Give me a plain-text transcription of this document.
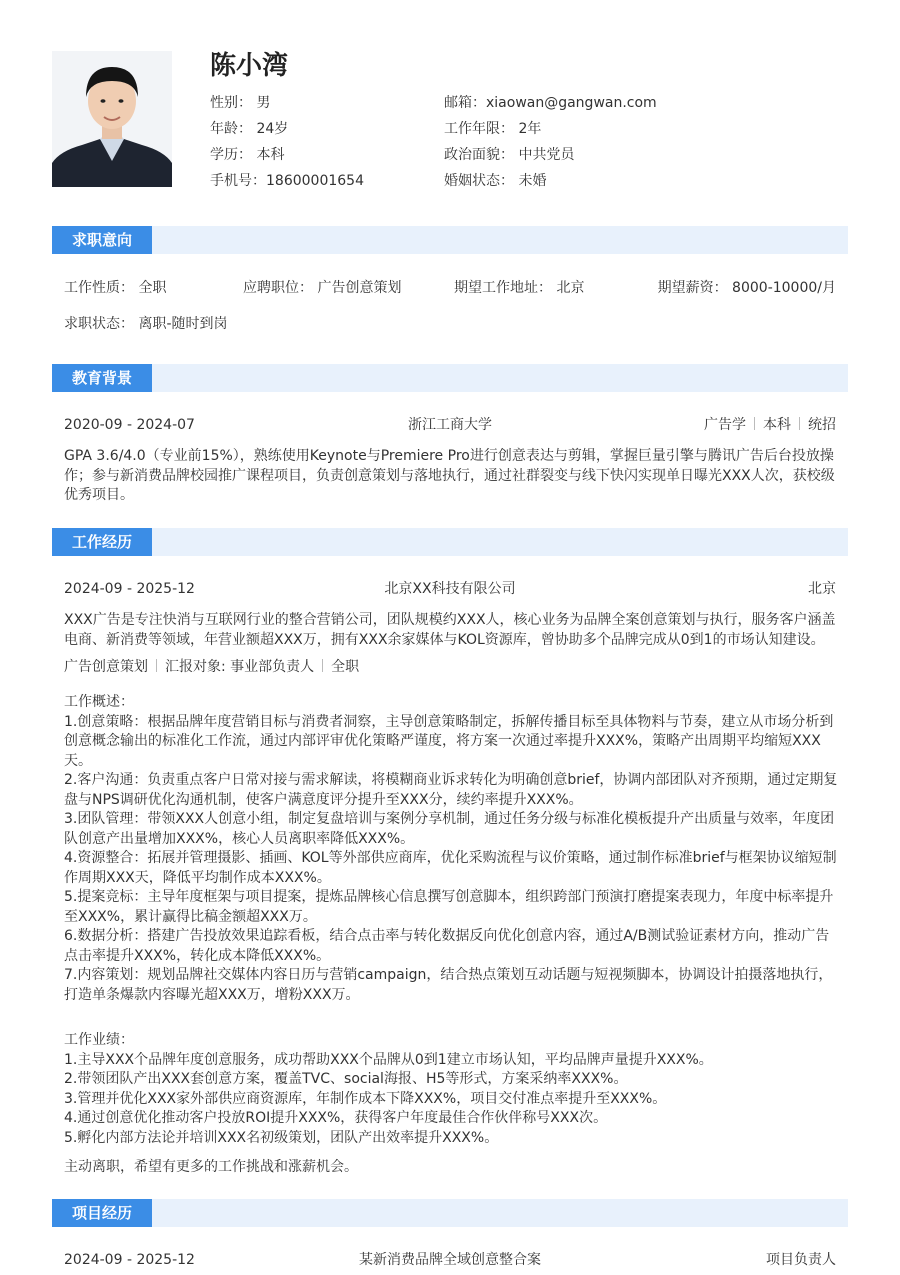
陈小湾
性别： 男
年龄： 24岁
学历： 本科
手机号：18600001654
邮箱：xiaowan@gangwan.com
工作年限： 2年
政治面貌： 中共党员
婚姻状态： 未婚
求职意向
工作性质： 全职	应聘职位： 广告创意策划	期望工作地址： 北京	期望薪资： 8000-10000/月
求职状态： 离职-随时到岗
教育背景
2020-09 - 2024-07	浙江工商大学	广告学 本科 统招
GPA 3.6/4.0（专业前15%），熟练使用Keynote与Premiere Pro进行创意表达与剪辑，掌握巨量引擎与腾讯广告后台投放操作；参与新消费品牌校园推广课程项目，负责创意策划与落地执行，通过社群裂变与线下快闪实现单日曝光XXX人次，获校级优秀项目。
工作经历
2024-09 - 2025-12	北京XX科技有限公司	北京
XXX广告是专注快消与互联网行业的整合营销公司，团队规模约XXX人，核心业务为品牌全案创意策划与执行，服务客户涵盖电商、新消费等领域，年营业额超XXX万，拥有XXX余家媒体与KOL资源库，曾协助多个品牌完成从0到1的市场认知建设。
广告创意策划 汇报对象: 事业部负责人 全职
工作概述：
1.创意策略：根据品牌年度营销目标与消费者洞察，主导创意策略制定，拆解传播目标至具体物料与节奏，建立从市场分析到创意概念输出的标准化工作流，通过内部评审优化策略严谨度，将方案一次通过率提升XXX%，策略产出周期平均缩短XXX天。
2.客户沟通：负责重点客户日常对接与需求解读，将模糊商业诉求转化为明确创意brief，协调内部团队对齐预期，通过定期复盘与NPS调研优化沟通机制，使客户满意度评分提升至XXX分，续约率提升XXX%。
3.团队管理：带领XXX人创意小组，制定复盘培训与案例分享机制，通过任务分级与标准化模板提升产出质量与效率，年度团队创意产出量增加XXX%，核心人员离职率降低XXX%。
4.资源整合：拓展并管理摄影、插画、KOL等外部供应商库，优化采购流程与议价策略，通过制作标准brief与框架协议缩短制作周期XXX天，降低平均制作成本XXX%。
5.提案竞标：主导年度框架与项目提案，提炼品牌核心信息撰写创意脚本，组织跨部门预演打磨提案表现力，年度中标率提升至XXX%，累计赢得比稿金额超XXX万。
6.数据分析：搭建广告投放效果追踪看板，结合点击率与转化数据反向优化创意内容，通过A/B测试验证素材方向，推动广告点击率提升XXX%，转化成本降低XXX%。
7.内容策划：规划品牌社交媒体内容日历与营销campaign，结合热点策划互动话题与短视频脚本，协调设计拍摄落地执行，打造单条爆款内容曝光超XXX万，增粉XXX万。
工作业绩：
1.主导XXX个品牌年度创意服务，成功帮助XXX个品牌从0到1建立市场认知，平均品牌声量提升XXX%。
2.带领团队产出XXX套创意方案，覆盖TVC、social海报、H5等形式，方案采纳率XXX%。
3.管理并优化XXX家外部供应商资源库，年制作成本下降XXX%，项目交付准点率提升至XXX%。
4.通过创意优化推动客户投放ROI提升XXX%，获得客户年度最佳合作伙伴称号XXX次。
5.孵化内部方法论并培训XXX名初级策划，团队产出效率提升XXX%。
主动离职，希望有更多的工作挑战和涨薪机会。
项目经历
2024-09 - 2025-12	某新消费品牌全域创意整合案	项目负责人
